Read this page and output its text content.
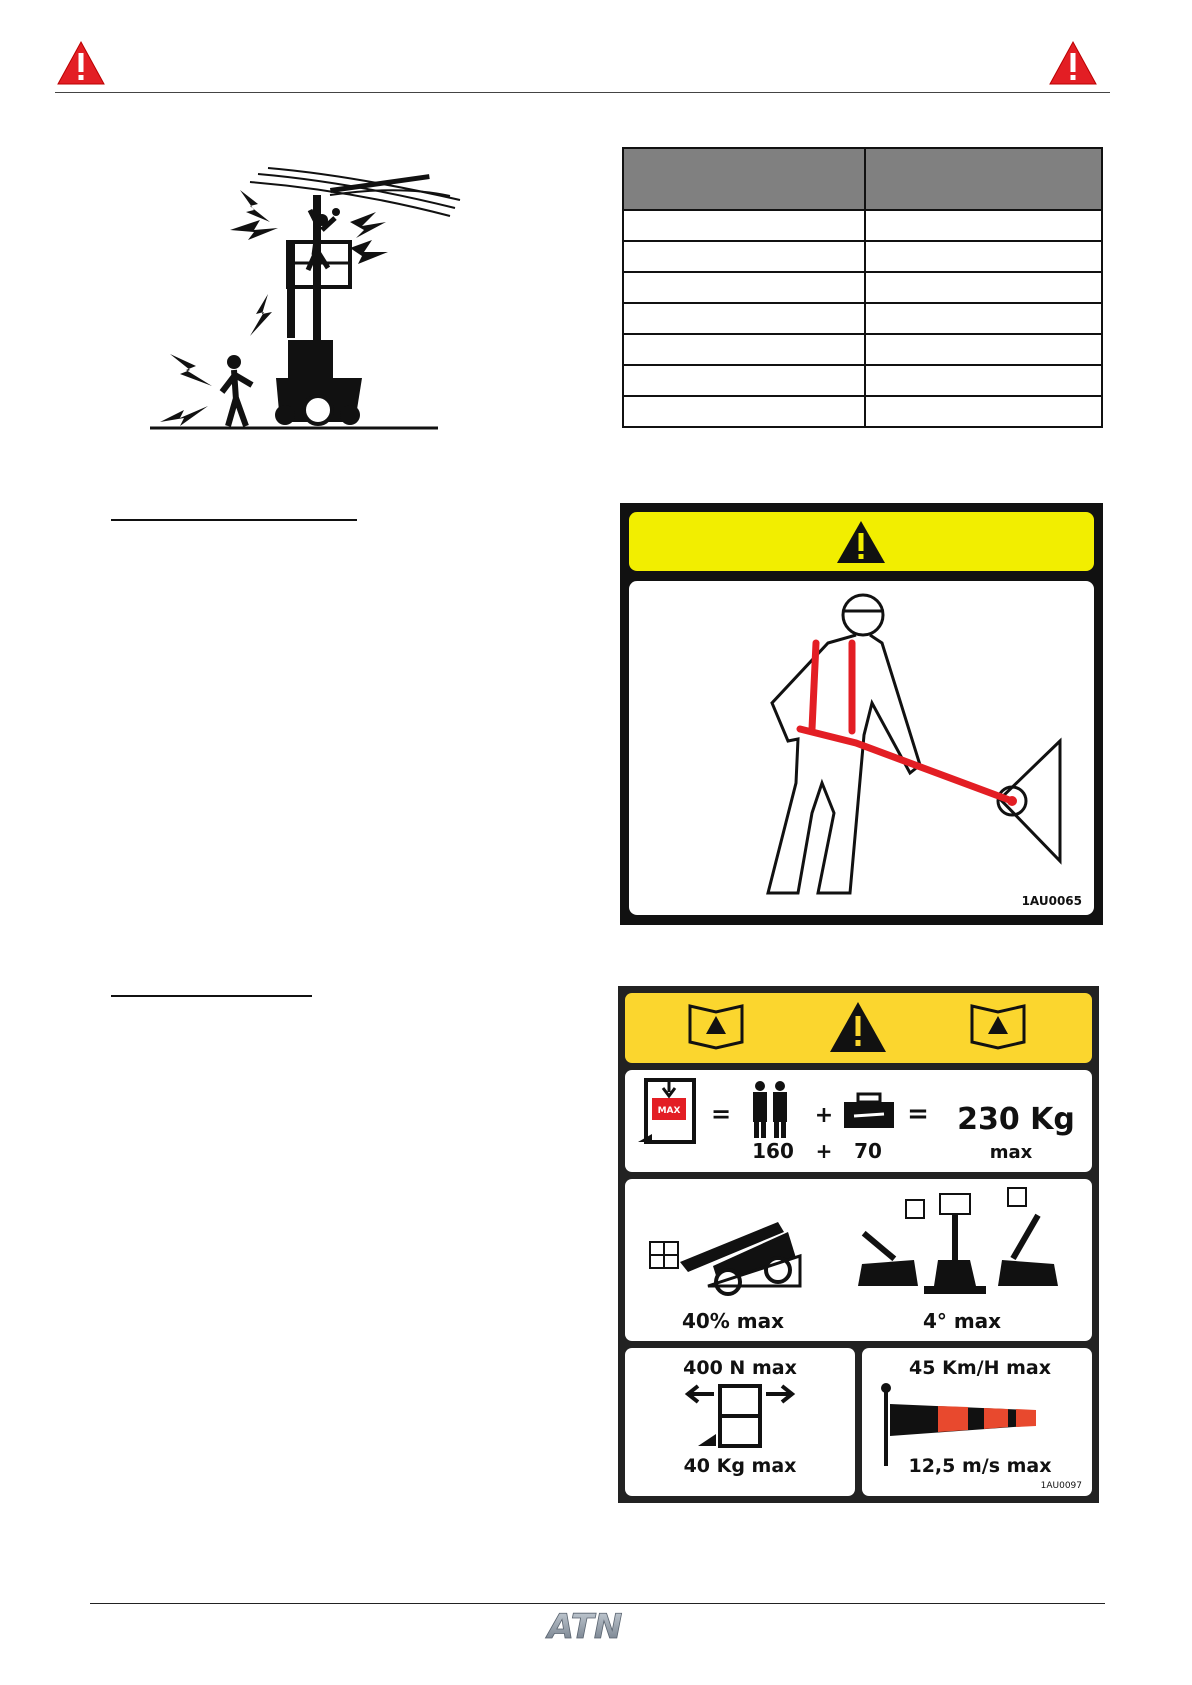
1AU0065
MAX =	+	= 230 Kg
160 + 70	max
40% max	4° max
400 N max
40 Kg max
45 Km/H max
12,5 m/s max
1AU0097
ATN
